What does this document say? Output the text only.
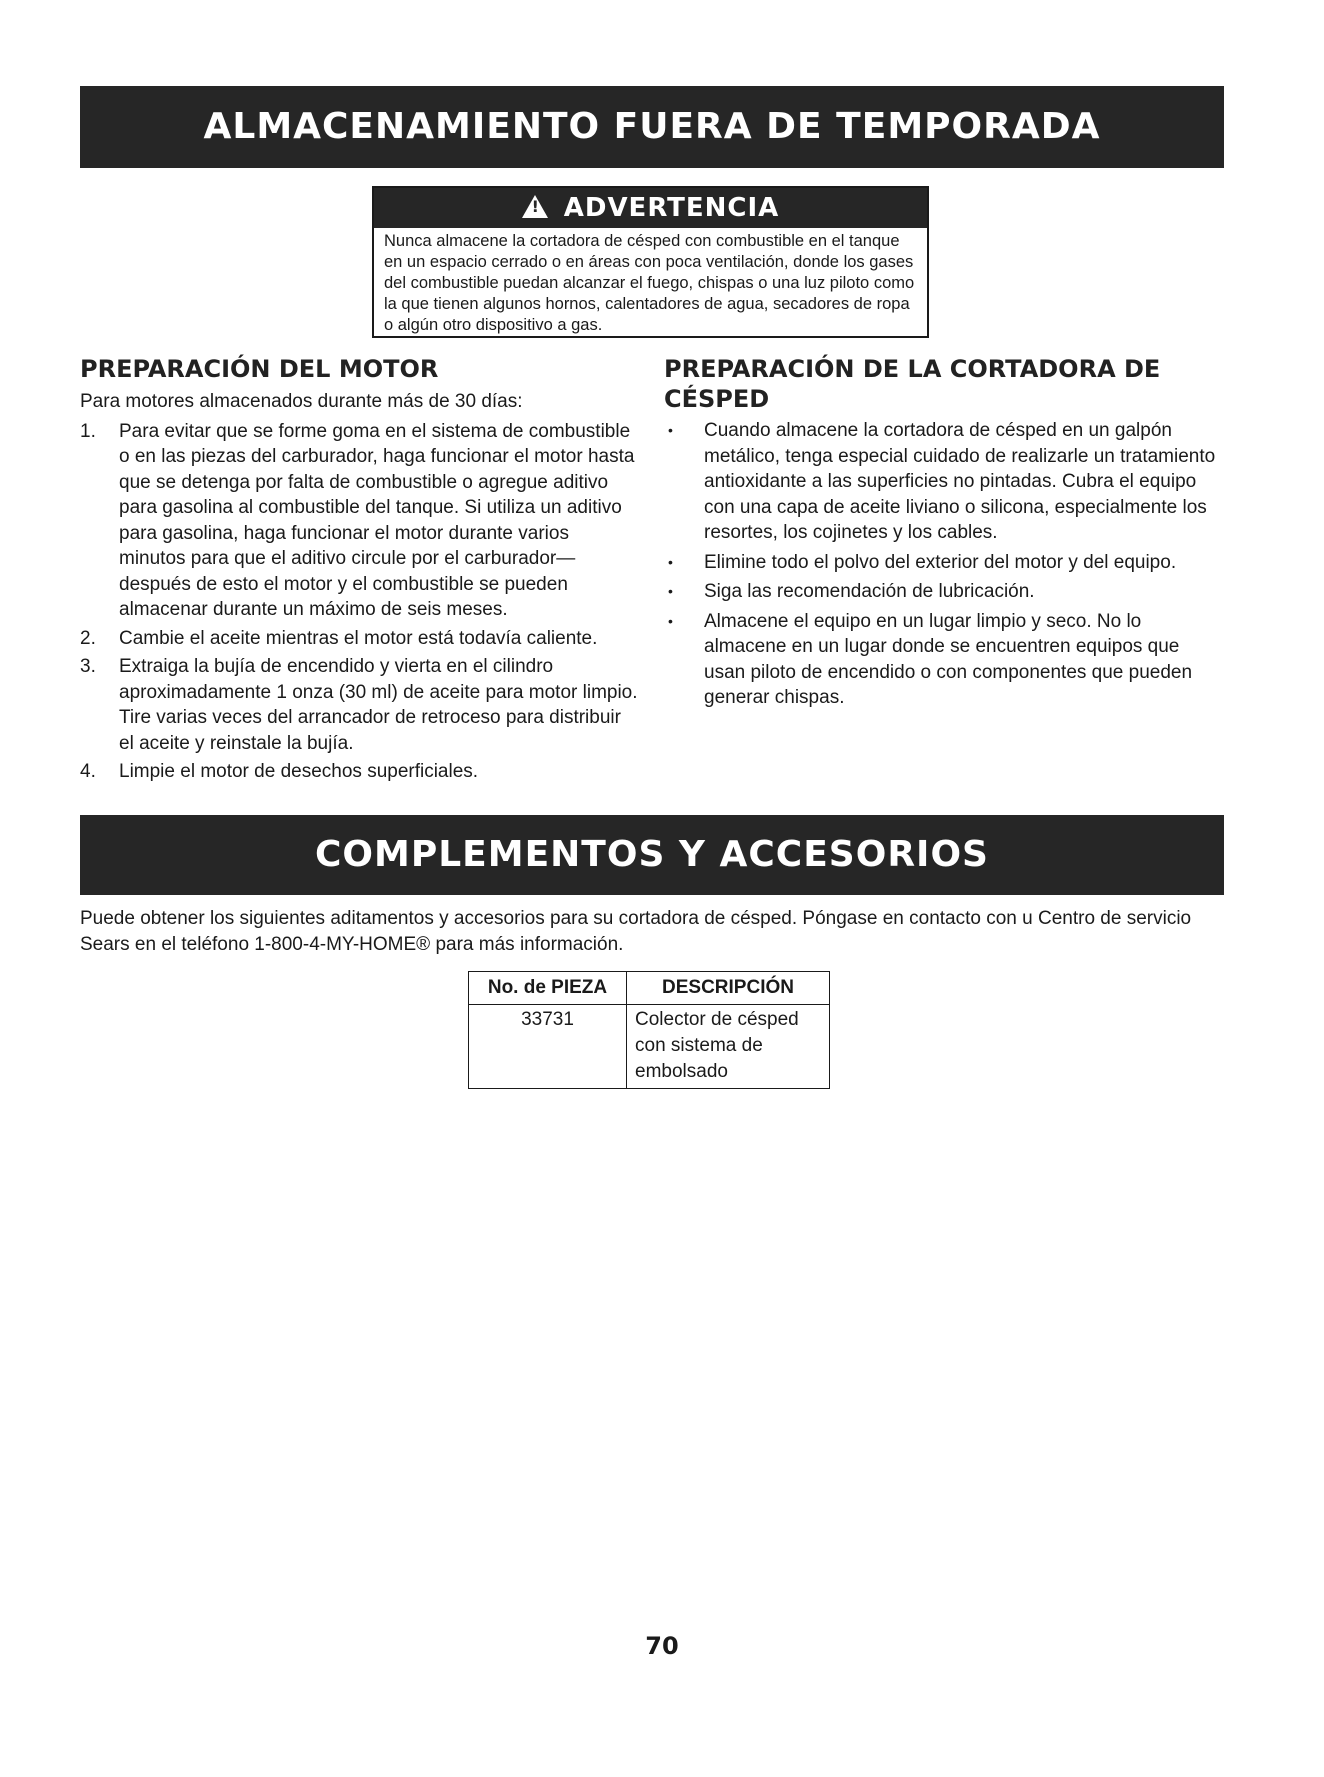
ALMACENAMIENTO FUERA DE TEMPORADA
! ADVERTENCIA
Nunca almacene la cortadora de césped con combustible en el tanque en un espacio cerrado o en áreas con poca ventilación, donde los gases del combustible puedan alcanzar el fuego, chispas o una luz piloto como la que tienen algunos hornos, calentadores de agua, secadores de ropa o algún otro dispositivo a gas.
PREPARACIÓN DEL MOTOR	PREPARACIÓN DE LA CORTADORA DE CÉSPED

Para motores almacenados durante más de 30 días:

1. Para evitar que se forme goma en el sistema de combustible o en las piezas del carburador, haga funcionar el motor hasta que se detenga por falta de combustible o agregue aditivo para gasolina al combustible del tanque. Si utiliza un aditivo para gasolina, haga funcionar el motor durante varios minutos para que el aditivo circule por el carburador—después de esto el motor y el combustible se pueden almacenar durante un máximo de seis meses.
2. Cambie el aceite mientras el motor está todavía caliente.
3. Extraiga la bujía de encendido y vierta en el cilindro aproximadamente 1 onza (30 ml) de aceite para motor limpio. Tire varias veces del arrancador de retroceso para distribuir el aceite y reinstale la bujía.
4. Limpie el motor de desechos superficiales.
• Cuando almacene la cortadora de césped en un galpón metálico, tenga especial cuidado de realizarle un tratamiento antioxidante a las superficies no pintadas. Cubra el equipo con una capa de aceite liviano o silicona, especialmente los resortes, los cojinetes y los cables.
• Elimine todo el polvo del exterior del motor y del equipo.
• Siga las recomendación de lubricación.
• Almacene el equipo en un lugar limpio y seco. No lo almacene en un lugar donde se encuentren equipos que usan piloto de encendido o con componentes que pueden generar chispas.
COMPLEMENTOS Y ACCESORIOS

Puede obtener los siguientes aditamentos y accesorios para su cortadora de césped. Póngase en contacto con u Centro de servicio Sears en el teléfono 1-800-4-MY-HOME® para más información.

No. de PIEZA	DESCRIPCIÓN
33731	Colector de césped con sistema de embolsado
70
